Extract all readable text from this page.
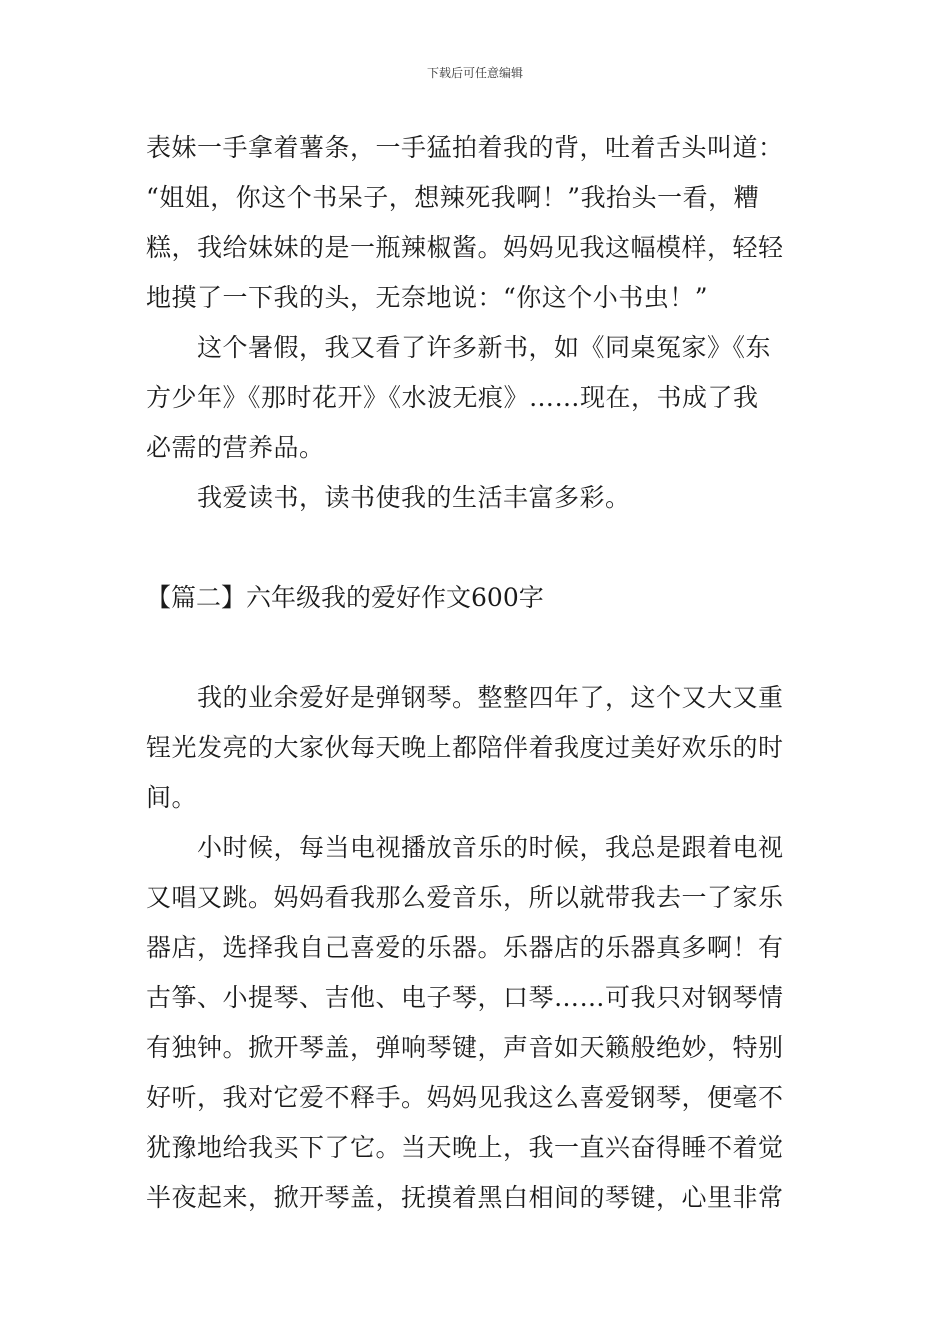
下载后可任意编辑
表妹一手拿着薯条，一手猛拍着我的背，吐着舌头叫道：
“姐姐，你这个书呆子，想辣死我啊！”我抬头一看，糟
糕，我给妹妹的是一瓶辣椒酱。妈妈见我这幅模样，轻轻
地摸了一下我的头，无奈地说：“你这个小书虫！”
这个暑假，我又看了许多新书，如《同桌冤家》《东
方少年》《那时花开》《水波无痕》……现在，书成了我
必需的营养品。
我爱读书，读书使我的生活丰富多彩。
【篇二】六年级我的爱好作文600字
我的业余爱好是弹钢琴。整整四年了，这个又大又重
锃光发亮的大家伙每天晚上都陪伴着我度过美好欢乐的时
间。
小时候，每当电视播放音乐的时候，我总是跟着电视
又唱又跳。妈妈看我那么爱音乐，所以就带我去一了家乐
器店，选择我自己喜爱的乐器。乐器店的乐器真多啊！有
古筝、小提琴、吉他、电子琴，口琴……可我只对钢琴情
有独钟。掀开琴盖，弹响琴键，声音如天籁般绝妙，特别
好听，我对它爱不释手。妈妈见我这么喜爱钢琴，便毫不
犹豫地给我买下了它。当天晚上，我一直兴奋得睡不着觉
半夜起来，掀开琴盖，抚摸着黑白相间的琴键，心里非常
